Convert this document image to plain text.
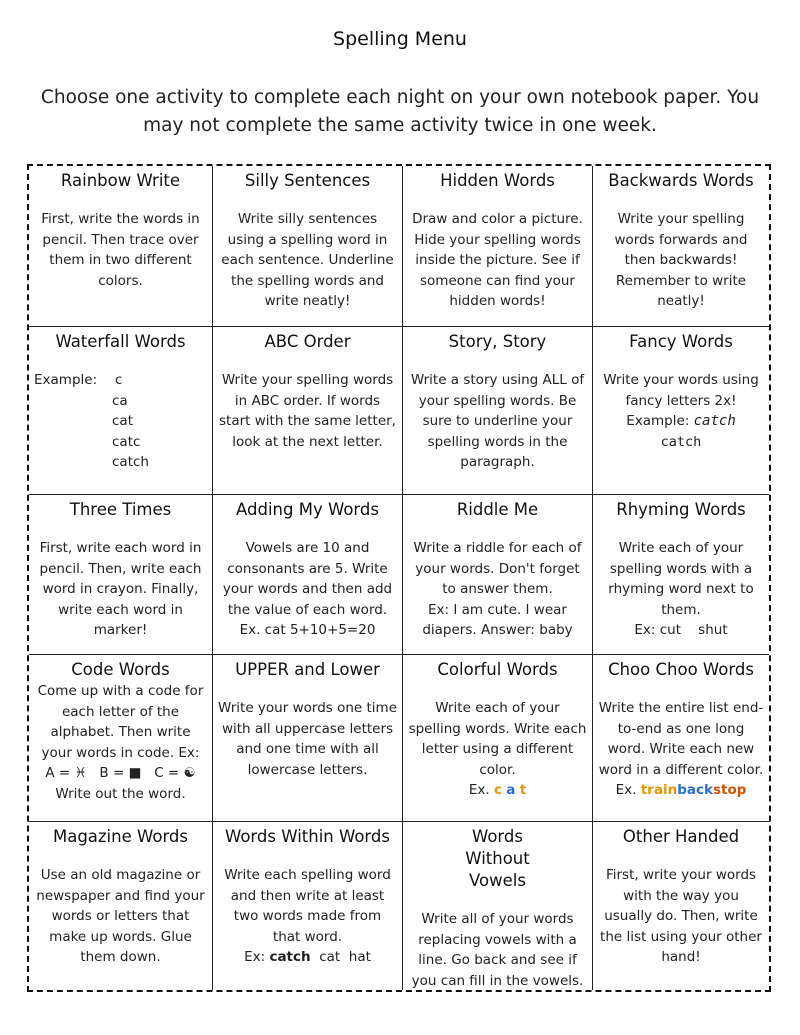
Spelling Menu
Choose one activity to complete each night on your own notebook paper. You may not complete the same activity twice in one week.
Rainbow Write
First, write the words in pencil. Then trace over them in two different colors.
Silly Sentences
Write silly sentences using a spelling word in each sentence. Underline the spelling words and write neatly!
Hidden Words
Draw and color a picture. Hide your spelling words inside the picture. See if someone can find your hidden words!
Backwards Words
Write your spelling words forwards and then backwards! Remember to write neatly!
Waterfall Words
Example:	c
ca
cat
catc
catch
ABC Order
Write your spelling words in ABC order. If words start with the same letter, look at the next letter.
Story, Story
Write a story using ALL of your spelling words. Be sure to underline your spelling words in the paragraph.
Fancy Words
Write your words using fancy letters 2x!
Example: catch
catch
Three Times
First, write each word in pencil. Then, write each word in crayon. Finally, write each word in marker!
Adding My Words
Vowels are 10 and consonants are 5. Write your words and then add the value of each word.
Ex. cat 5+10+5=20
Riddle Me
Write a riddle for each of your words. Don't forget to answer them.
Ex: I am cute. I wear diapers. Answer: baby
Rhyming Words
Write each of your spelling words with a rhyming word next to them.
Ex: cut    shut
Code Words
Come up with a code for each letter of the alphabet. Then write your words in code. Ex:
A = ♓   B = ■   C = ☯
Write out the word.
UPPER and Lower
Write your words one time with all uppercase letters and one time with all lowercase letters.
Colorful Words
Write each of your spelling words. Write each letter using a different color.
Ex. c a t
Choo Choo Words
Write the entire list end-to-end as one long word. Write each new word in a different color.
Ex. trainbackstop
Magazine Words
Use an old magazine or newspaper and find your words or letters that make up words. Glue them down.
Words Within Words
Write each spelling word and then write at least two words made from that word.
Ex: catch cat  hat
Words Without Vowels
Write all of your words replacing vowels with a line. Go back and see if you can fill in the vowels.
Other Handed
First, write your words with the way you usually do. Then, write the list using your other hand!
